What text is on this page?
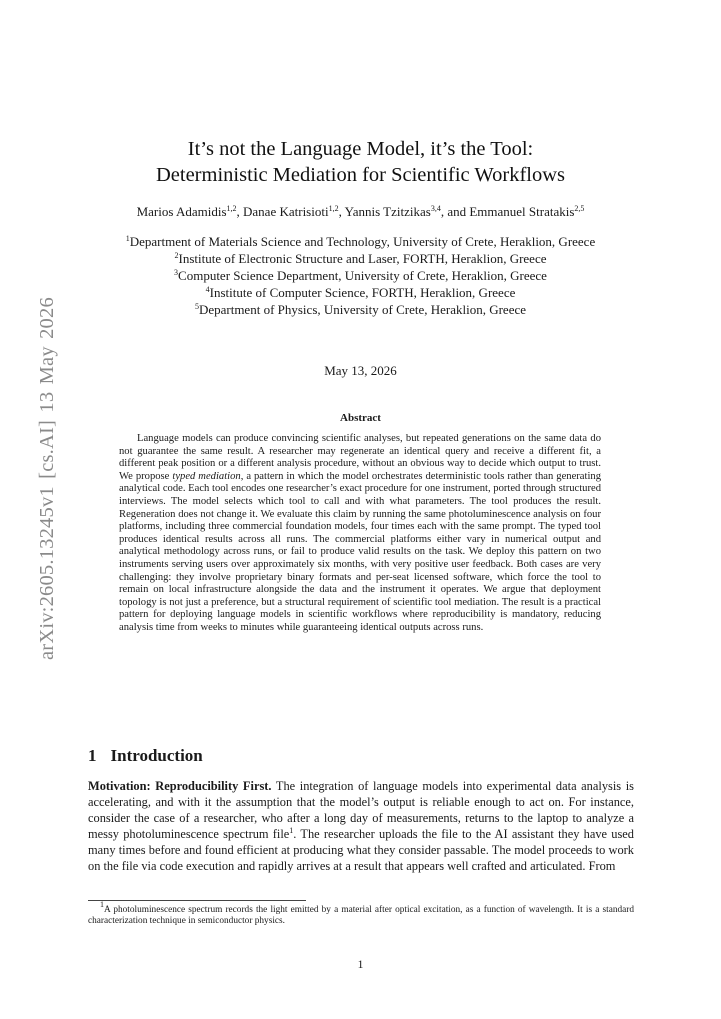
arXiv:2605.13245v1 [cs.AI] 13 May 2026
It’s not the Language Model, it’s the Tool:
Deterministic Mediation for Scientific Workflows
Marios Adamidis$^{1,2}$, Danae Katrisioti$^{1,2}$, Yannis Tzitzikas$^{3,4}$, and Emmanuel Stratakis$^{2,5}$
$^1$Department of Materials Science and Technology, University of Crete, Heraklion, Greece
$^2$Institute of Electronic Structure and Laser, FORTH, Heraklion, Greece
$^3$Computer Science Department, University of Crete, Heraklion, Greece
$^4$Institute of Computer Science, FORTH, Heraklion, Greece
$^5$Department of Physics, University of Crete, Heraklion, Greece
May 13, 2026
Abstract
Language models can produce convincing scientific analyses, but repeated generations on the same data do not guarantee the same result. A researcher may regenerate an identical query and receive a different fit, a different peak position or a different analysis procedure, without an obvious way to decide which output to trust. We propose typed mediation, a pattern in which the model orchestrates deterministic tools rather than generating analytical code. Each tool encodes one researcher’s exact procedure for one instrument, ported through structured interviews. The model selects which tool to call and with what parameters. The tool produces the result. Regeneration does not change it. We evaluate this claim by running the same photoluminescence analysis on four platforms, including three commercial foundation models, four times each with the same prompt. The typed tool produces identical results across all runs. The commercial platforms either vary in numerical output and analytical methodology across runs, or fail to produce valid results on the task. We deploy this pattern on two instruments serving users over approximately six months, with very positive user feedback. Both cases are very challenging: they involve proprietary binary formats and per-seat licensed software, which force the tool to remain on local infrastructure alongside the data and the instrument it operates. We argue that deployment topology is not just a preference, but a structural requirement of scientific tool mediation. The result is a practical pattern for deploying language models in scientific workflows where reproducibility is mandatory, reducing analysis time from weeks to minutes while guaranteeing identical outputs across runs.
1 Introduction
Motivation: Reproducibility First. The integration of language models into experimental data analysis is accelerating, and with it the assumption that the model’s output is reliable enough to act on. For instance, consider the case of a researcher, who after a long day of measurements, returns to the laptop to analyze a messy photoluminescence spectrum file$^1$. The researcher uploads the file to the AI assistant they have used many times before and found efficient at producing what they consider passable. The model proceeds to work on the file via code execution and rapidly arrives at a result that appears well crafted and articulated. From
$^1$A photoluminescence spectrum records the light emitted by a material after optical excitation, as a function of wavelength. It is a standard characterization technique in semiconductor physics.
1
